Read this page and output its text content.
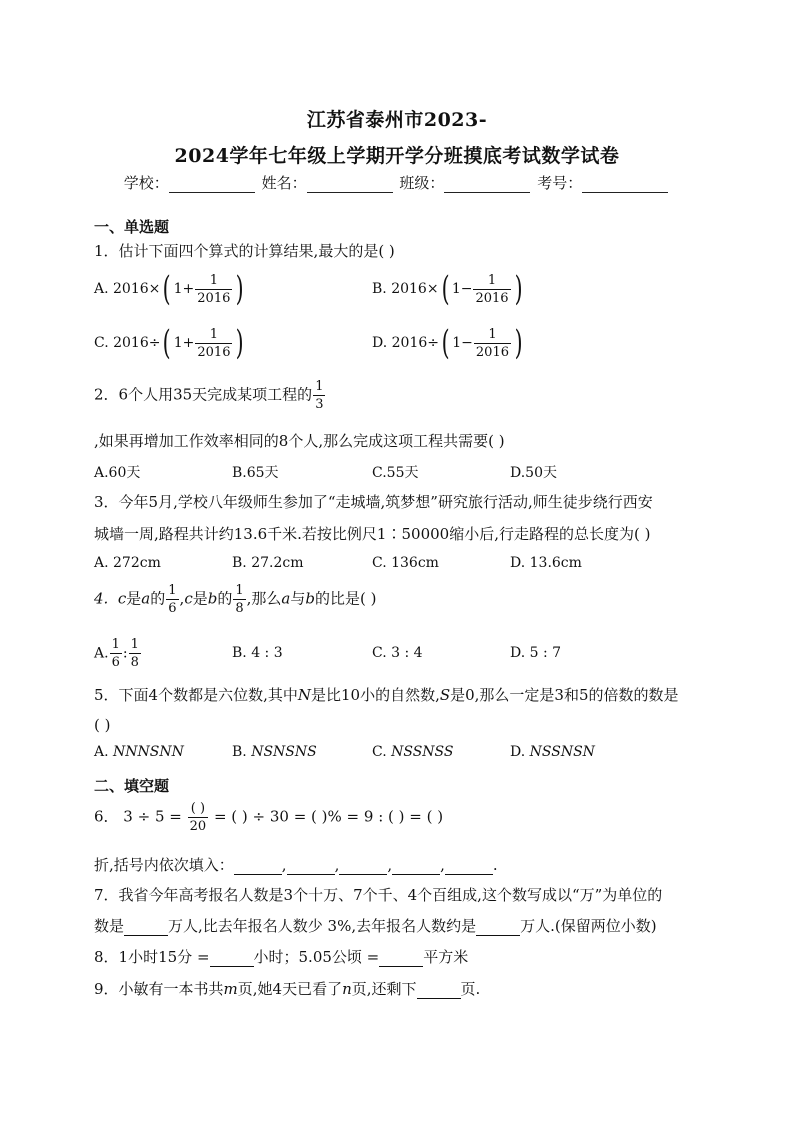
江苏省泰州市2023-
2024学年七年级上学期开学分班摸底考试数学试卷
学校：	姓名：	班级：	考号：
一、单选题
1．估计下面四个算式的计算结果,最大的是( )
A. 2016×( $1+ \frac{1}{2016}$ )	B. 2016×( $1- \frac{1}{2016}$ )
C. 2016÷( $1+ \frac{1}{2016}$ )	D. 2016÷( $1- \frac{1}{2016}$ )
2．6个人用35天完成某项工程的 $\frac{1}{3}$
,如果再增加工作效率相同的8个人,那么完成这项工程共需要( )
A.60天	B.65天	C.55天	D.50天
3．今年5月,学校八年级师生参加了“走城墙,筑梦想”研究旅行活动,师生徒步绕行西安
城墙一周,路程共计约13.6千米.若按比例尺1∶50000缩小后,行走路程的总长度为( )
A. 272cm	B. 27.2cm	C. 136cm	D. 13.6cm
4. c是a的 $\frac{1}{6} ,c$是b的 $\frac{1}{8}$ ,那么a与b的比是( )
A. $\frac{1}{6}$ : $\frac{1}{8}$	B. 4 : 3	C. 3 : 4	D. 5 : 7
5．下面4个数都是六位数,其中N是比10小的自然数,S是0,那么一定是3和5的倍数的数是
( )
A. NNNSNN	B. NSNSNS	C. NSSNSS	D. NSSNSN
二、填空题
6． $3 \div 5 = \frac{( )}{20}$ = ( ) ÷ 30 = ( )% = 9 : ( ) = ( )
折,括号内依次填入：	,	,	,	,	.
7．我省今年高考报名人数是3个十万、7个千、4个百组成,这个数写成以“万”为单位的
数是	万人,比去年报名人数少 3%,去年报名人数约是	万人.(保留两位小数)
8．1小时15分 =	小时；5.05公顷 =	平方米
9．小敏有一本书共m页,她4天已看了n页,还剩下	页.
